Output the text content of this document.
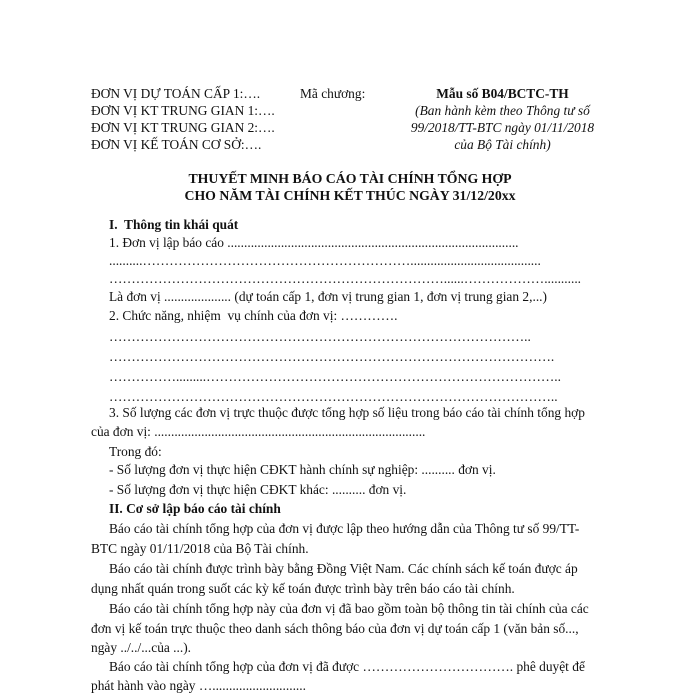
ĐƠN VỊ DỰ TOÁN CẤP 1:….
ĐƠN VỊ KT TRUNG GIAN 1:….
ĐƠN VỊ KT TRUNG GIAN 2:….
ĐƠN VỊ KẾ TOÁN CƠ SỞ:….
Mã chương:	Mẫu số B04/BCTC-TH
(Ban hành kèm theo Thông tư số
99/2018/TT-BTC ngày 01/11/2018
của Bộ Tài chính)
THUYẾT MINH BÁO CÁO TÀI CHÍNH TỔNG HỢP
CHO NĂM TÀI CHÍNH KẾT THÚC NGÀY 31/12/20xx
I.  Thông tin khái quát
1. Đơn vị lập báo cáo .......................................................................................
..........…………………………………………………….......................................
…………………………………………………………………......………………...........
Là đơn vị .................... (dự toán cấp 1, đơn vị trung gian 1, đơn vị trung gian 2,...)
2. Chức năng, nhiệm  vụ chính của đơn vị: ………….
…………………………………………………………………………………..
……………………………………………………………………………………….
…………….........……………………………………………………………………..
………………………………………………………………………………………..
3. Số lượng các đơn vị trực thuộc được tổng hợp số liệu trong báo cáo tài chính tổng hợp
của đơn vị: .................................................................................
Trong đó:
- Số lượng đơn vị thực hiện CĐKT hành chính sự nghiệp: .......... đơn vị.
- Số lượng đơn vị thực hiện CĐKT khác: .......... đơn vị.
II. Cơ sở lập báo cáo tài chính
Báo cáo tài chính tổng hợp của đơn vị được lập theo hướng dẫn của Thông tư số 99/TT-
BTC ngày 01/11/2018 của Bộ Tài chính.
Báo cáo tài chính được trình bày bằng Đồng Việt Nam. Các chính sách kế toán được áp
dụng nhất quán trong suốt các kỳ kế toán được trình bày trên báo cáo tài chính.
Báo cáo tài chính tổng hợp này của đơn vị đã bao gồm toàn bộ thông tin tài chính của các
đơn vị kế toán trực thuộc theo danh sách thông báo của đơn vị dự toán cấp 1 (văn bản số...,
ngày ../../...của ...).
Báo cáo tài chính tổng hợp của đơn vị đã được ……………………………. phê duyệt để
phát hành vào ngày …............................
